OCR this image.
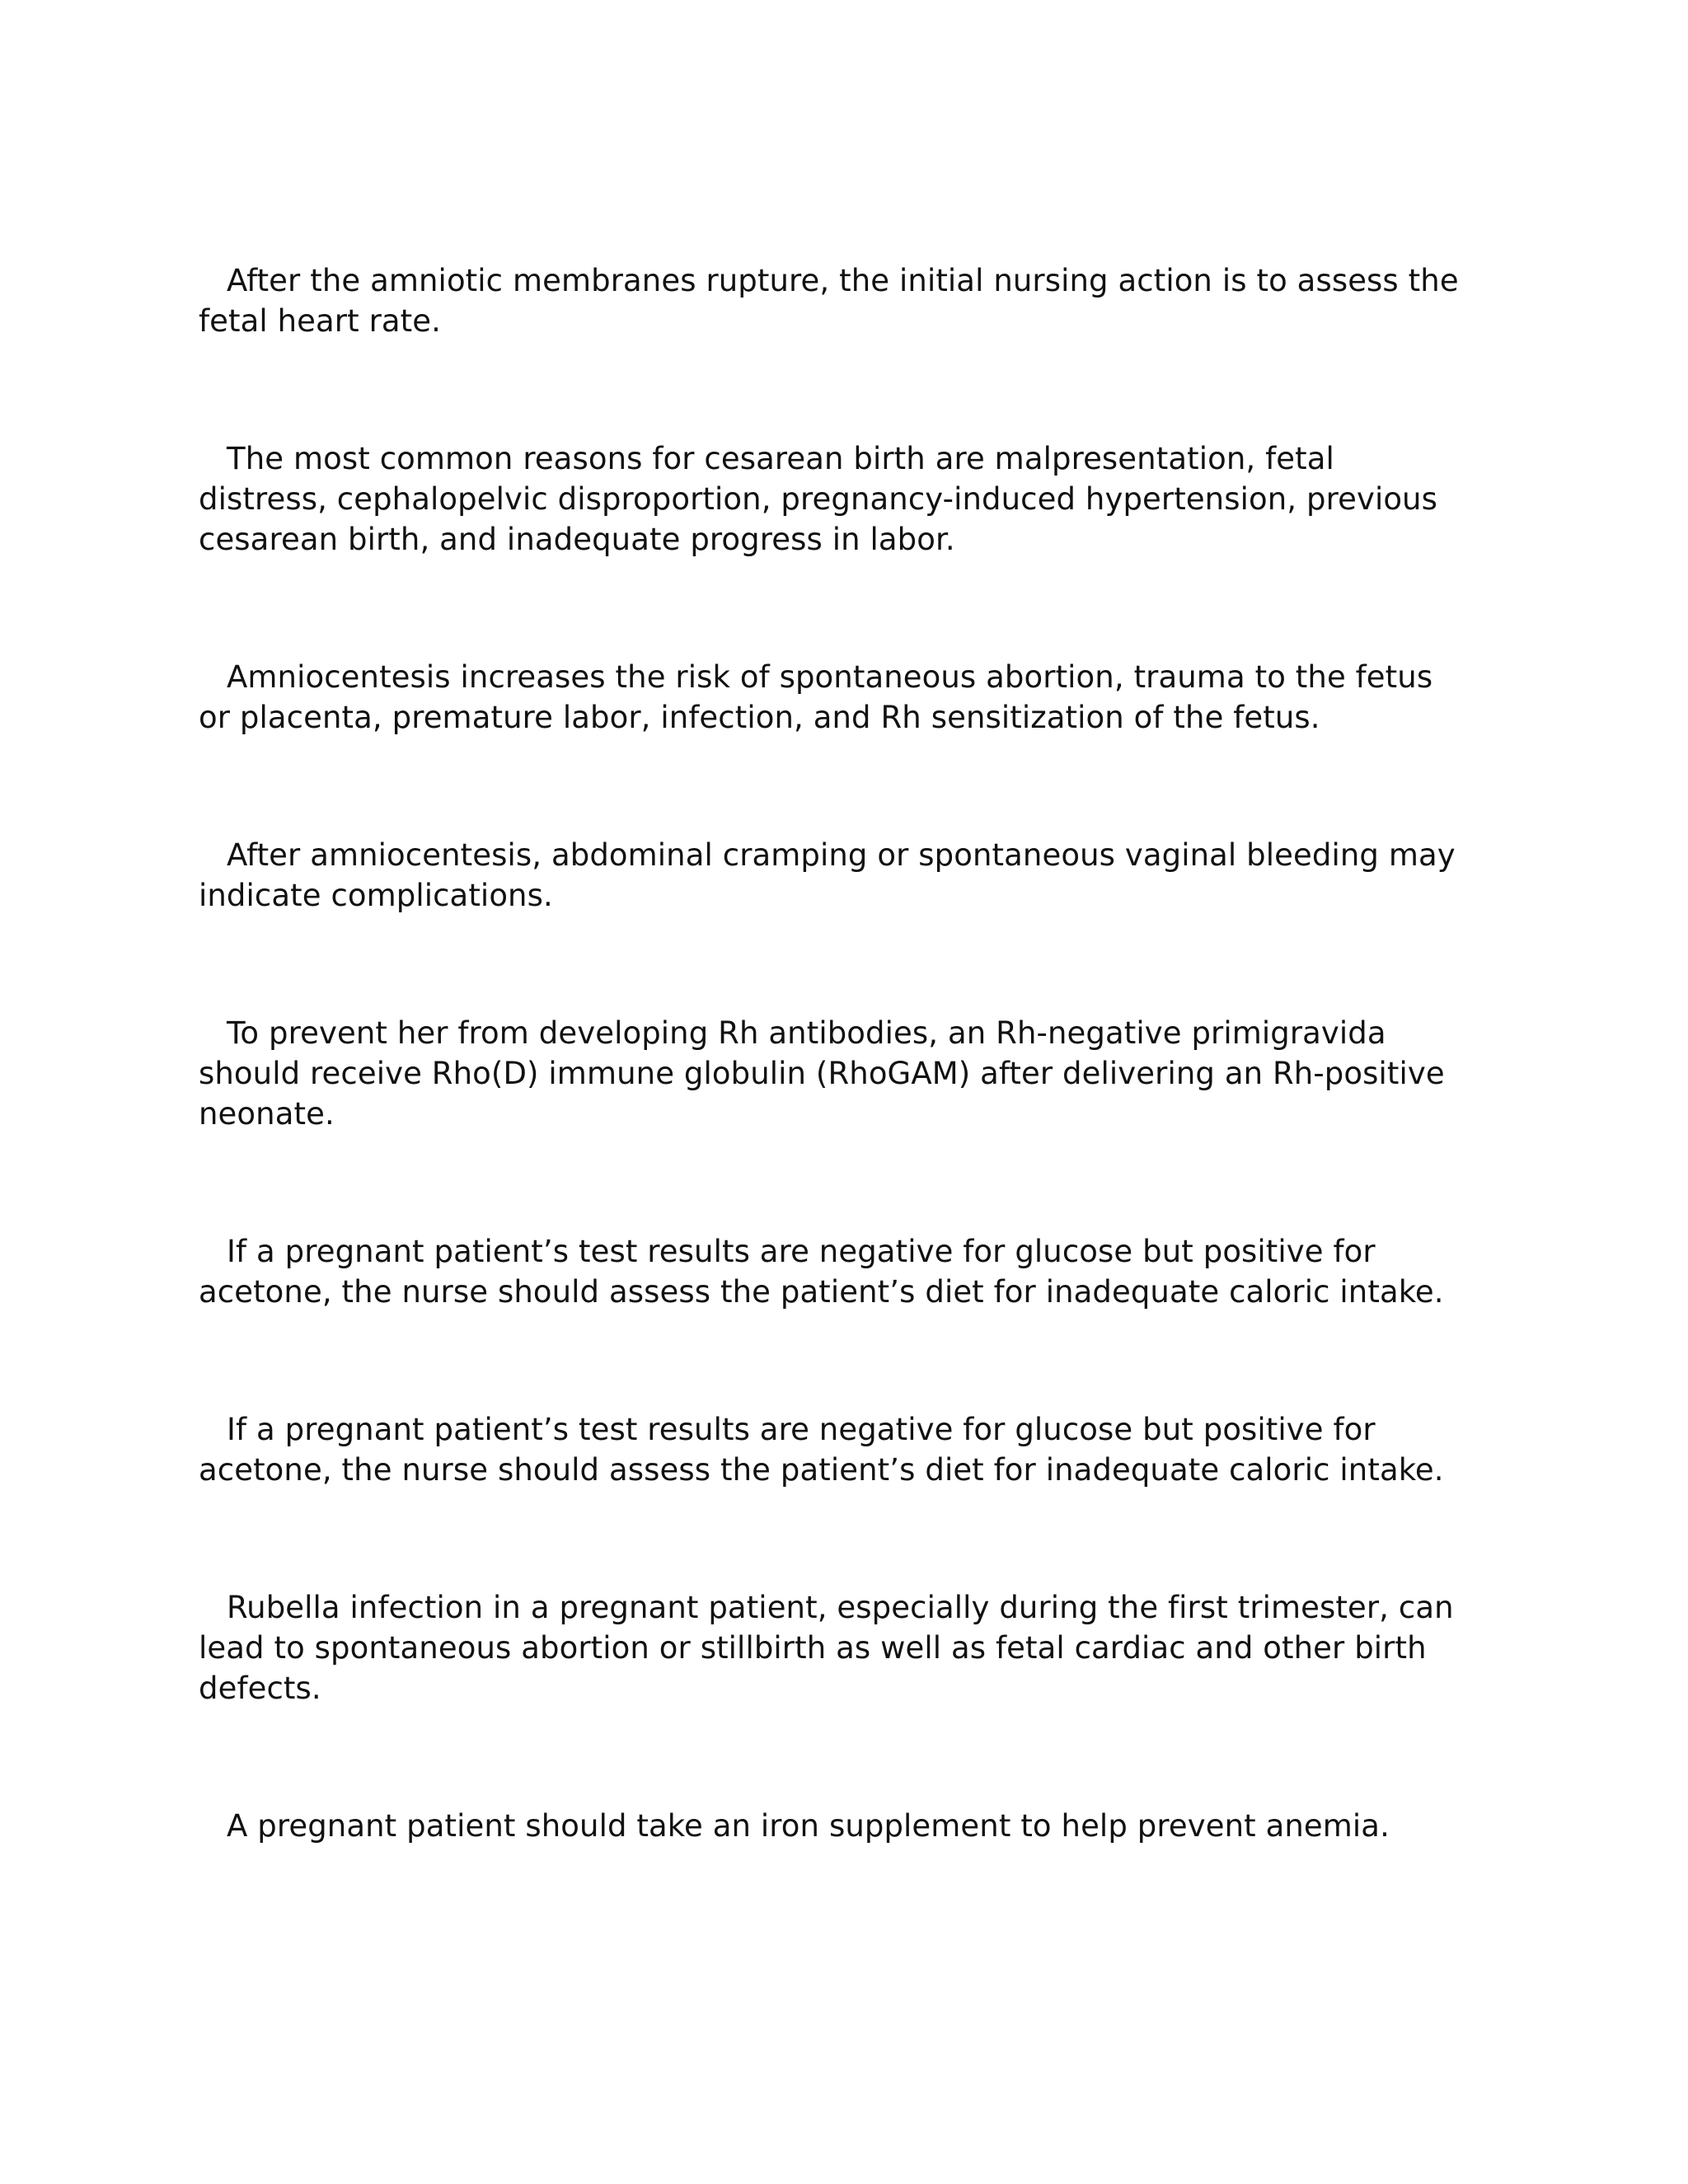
After the amniotic membranes rupture, the initial nursing action is to assess the fetal heart rate.

The most common reasons for cesarean birth are malpresentation, fetal distress, cephalopelvic disproportion, pregnancy-induced hypertension, previous cesarean birth, and inadequate progress in labor.

Amniocentesis increases the risk of spontaneous abortion, trauma to the fetus or placenta, premature labor, infection, and Rh sensitization of the fetus.

After amniocentesis, abdominal cramping or spontaneous vaginal bleeding may indicate complications.

To prevent her from developing Rh antibodies, an Rh-negative primigravida should receive Rho(D) immune globulin (RhoGAM) after delivering an Rh-positive neonate.

If a pregnant patient’s test results are negative for glucose but positive for acetone, the nurse should assess the patient’s diet for inadequate caloric intake.

If a pregnant patient’s test results are negative for glucose but positive for acetone, the nurse should assess the patient’s diet for inadequate caloric intake.

Rubella infection in a pregnant patient, especially during the first trimester, can lead to spontaneous abortion or stillbirth as well as fetal cardiac and other birth defects.

A pregnant patient should take an iron supplement to help prevent anemia.
